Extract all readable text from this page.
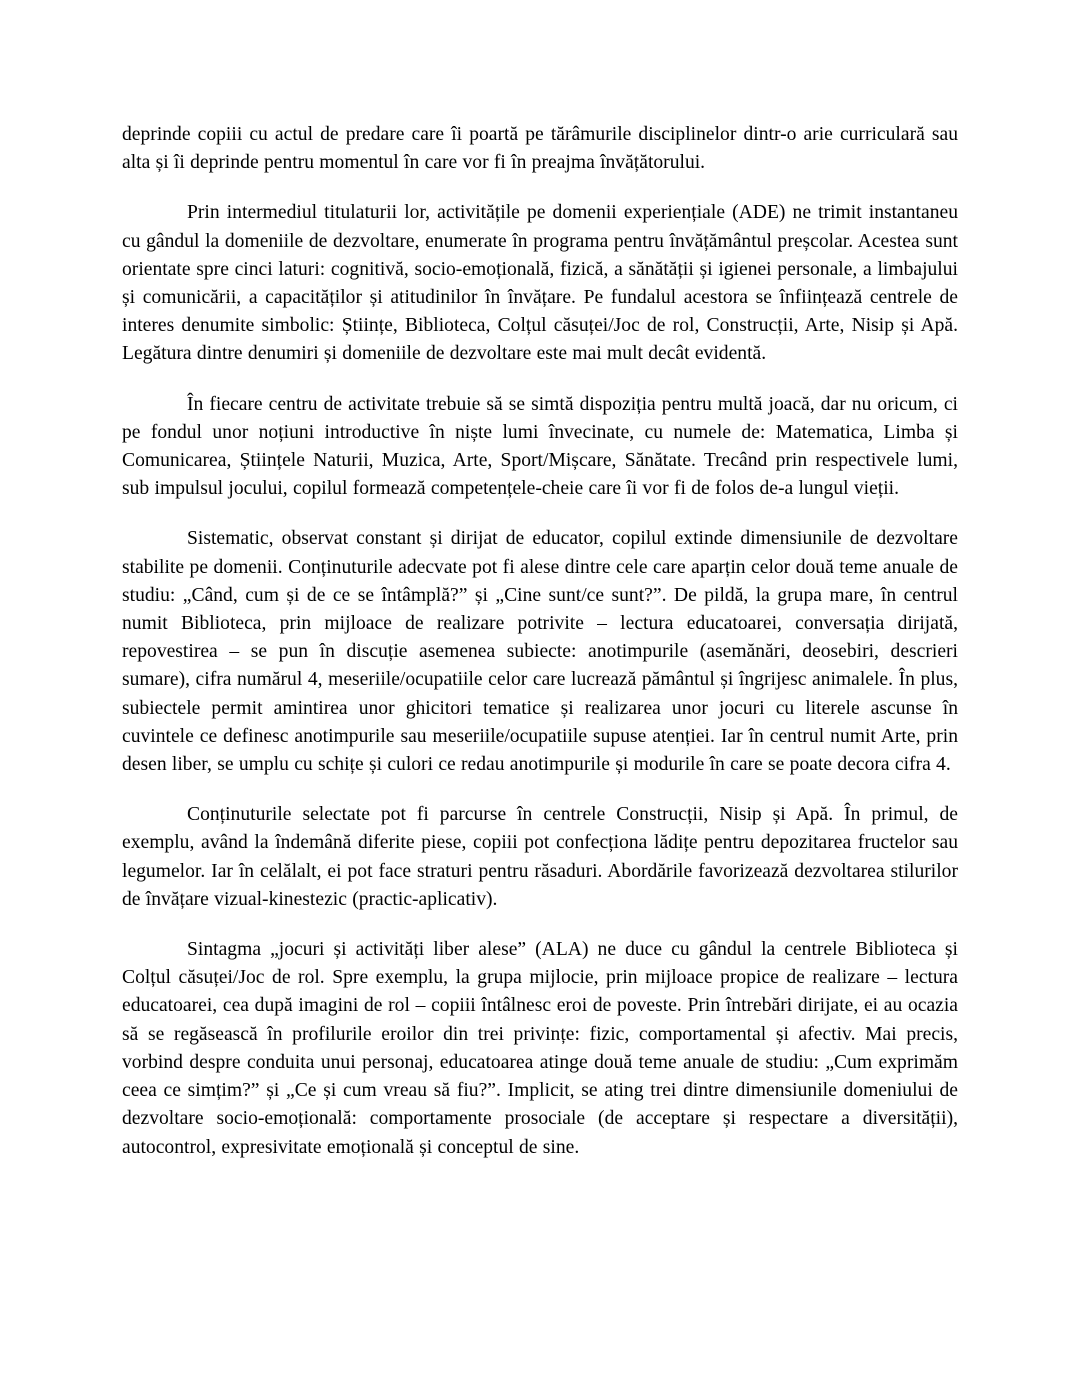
deprinde copiii cu actul de predare care îi poartă pe tărâmurile disciplinelor dintr-o arie curriculară sau alta și îi deprinde pentru momentul în care vor fi în preajma învățătorului.

Prin intermediul titulaturii lor, activitățile pe domenii experiențiale (ADE) ne trimit instantaneu cu gândul la domeniile de dezvoltare, enumerate în programa pentru învățământul preșcolar. Acestea sunt orientate spre cinci laturi: cognitivă, socio-emoțională, fizică, a sănătății și igienei personale, a limbajului și comunicării, a capacităților și atitudinilor în învățare. Pe fundalul acestora se înființează centrele de interes denumite simbolic: Științe, Biblioteca, Colțul căsuței/Joc de rol, Construcții, Arte, Nisip și Apă. Legătura dintre denumiri și domeniile de dezvoltare este mai mult decât evidentă.

În fiecare centru de activitate trebuie să se simtă dispoziția pentru multă joacă, dar nu oricum, ci pe fondul unor noțiuni introductive în niște lumi învecinate, cu numele de: Matematica, Limba și Comunicarea, Științele Naturii, Muzica, Arte, Sport/Mișcare, Sănătate. Trecând prin respectivele lumi, sub impulsul jocului, copilul formează competențele-cheie care îi vor fi de folos de-a lungul vieții.

Sistematic, observat constant și dirijat de educator, copilul extinde dimensiunile de dezvoltare stabilite pe domenii. Conținuturile adecvate pot fi alese dintre cele care aparțin celor două teme anuale de studiu: „Când, cum și de ce se întâmplă?” și „Cine sunt/ce sunt?”. De pildă, la grupa mare, în centrul numit Biblioteca, prin mijloace de realizare potrivite – lectura educatoarei, conversația dirijată, repovestirea – se pun în discuție asemenea subiecte: anotimpurile (asemănări, deosebiri, descrieri sumare), cifra numărul 4, meseriile/ocupatiile celor care lucrează pământul și îngrijesc animalele. În plus, subiectele permit amintirea unor ghicitori tematice și realizarea unor jocuri cu literele ascunse în cuvintele ce definesc anotimpurile sau meseriile/ocupatiile supuse atenției. Iar în centrul numit Arte, prin desen liber, se umplu cu schițe și culori ce redau anotimpurile și modurile în care se poate decora cifra 4.

Conținuturile selectate pot fi parcurse în centrele Construcții, Nisip și Apă. În primul, de exemplu, având la îndemână diferite piese, copiii pot confecționa lădițe pentru depozitarea fructelor sau legumelor. Iar în celălalt, ei pot face straturi pentru răsaduri. Abordările favorizează dezvoltarea stilurilor de învățare vizual-kinestezic (practic-aplicativ).

Sintagma „jocuri și activități liber alese” (ALA) ne duce cu gândul la centrele Biblioteca și Colțul căsuței/Joc de rol. Spre exemplu, la grupa mijlocie, prin mijloace propice de realizare – lectura educatoarei, cea după imagini de rol – copiii întâlnesc eroi de poveste. Prin întrebări dirijate, ei au ocazia să se regăsească în profilurile eroilor din trei privințe: fizic, comportamental și afectiv. Mai precis, vorbind despre conduita unui personaj, educatoarea atinge două teme anuale de studiu: „Cum exprimăm ceea ce simțim?” și „Ce și cum vreau să fiu?”. Implicit, se ating trei dintre dimensiunile domeniului de dezvoltare socio-emoțională: comportamente prosociale (de acceptare și respectare a diversității), autocontrol, expresivitate emoțională și conceptul de sine.
